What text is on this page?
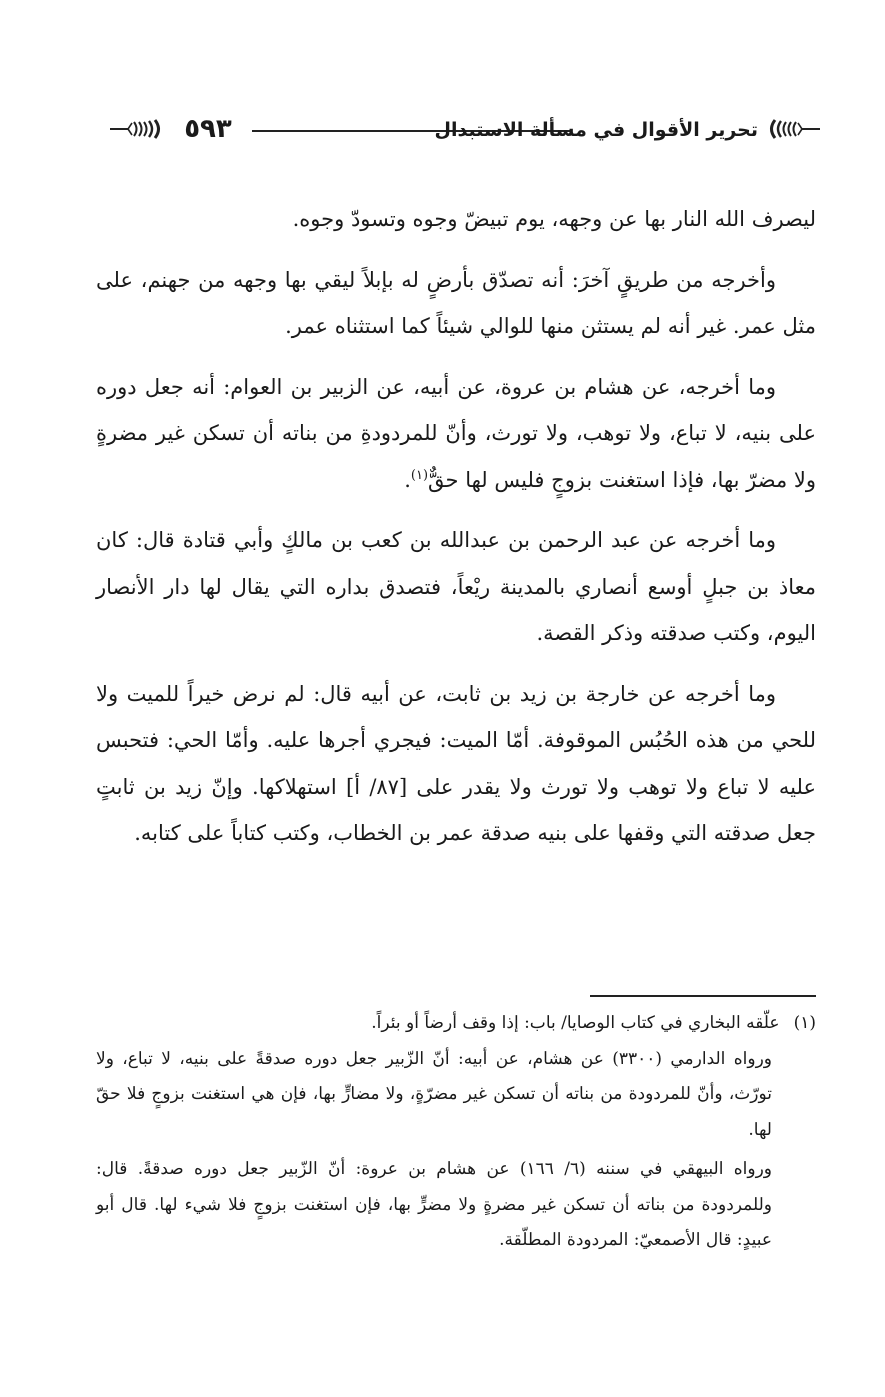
٥٩٣	تحرير الأقوال في مسألة الاستبدال

ليصرف الله النار بها عن وجهه، يوم تبيضّ وجوه وتسودّ وجوه.

وأخرجه من طريقٍ آخرَ: أنه تصدّق بأرضٍ له بإبلاً ليقي بها وجهه من جهنم، على مثل عمر. غير أنه لم يستثن منها للوالي شيئاً كما استثناه عمر.

وما أخرجه، عن هشام بن عروة، عن أبيه، عن الزبير بن العوام: أنه جعل دوره على بنيه، لا تباع، ولا توهب، ولا تورث، وأنّ للمردودةِ من بناته أن تسكن غير مضرةٍ ولا مضرّ بها، فإذا استغنت بزوجٍ فليس لها حقٌّ$^{(١)}$.

وما أخرجه عن عبد الرحمن بن عبدالله بن كعب بن مالكٍ وأبي قتادة قال: كان معاذ بن جبلٍ أوسع أنصاري بالمدينة ريْعاً، فتصدق بداره التي يقال لها دار الأنصار اليوم، وكتب صدقته وذكر القصة.

وما أخرجه عن خارجة بن زيد بن ثابت، عن أبيه قال: لم نرض خيراً للميت ولا للحي من هذه الحُبُس الموقوفة. أمّا الميت: فيجري أجرها عليه. وأمّا الحي: فتحبس عليه لا تباع ولا توهب ولا تورث ولا يقدر على [٨٧/ أ] استهلاكها. وإنّ زيد بن ثابتٍ جعل صدقته التي وقفها على بنيه صدقة عمر بن الخطاب، وكتب كتاباً على كتابه.

(١)
علّقه البخاري في كتاب الوصايا/ باب: إذا وقف أرضاً أو بئراً.

ورواه الدارمي (٣٣٠٠) عن هشام، عن أبيه: أنّ الزّبير جعل دوره صدقةً على بنيه، لا تباع، ولا تورّث، وأنّ للمردودة من بناته أن تسكن غير مضرّةٍ، ولا مضارٍّ بها، فإن هي استغنت بزوجٍ فلا حقّ لها.

ورواه البيهقي في سننه (٦/ ١٦٦) عن هشام بن عروة: أنّ الزّبير جعل دوره صدقةً. قال: وللمردودة من بناته أن تسكن غير مضرةٍ ولا مضرٍّ بها، فإن استغنت بزوجٍ فلا شيء لها. قال أبو عبيدٍ: قال الأصمعيّ: المردودة المطلّقة.
